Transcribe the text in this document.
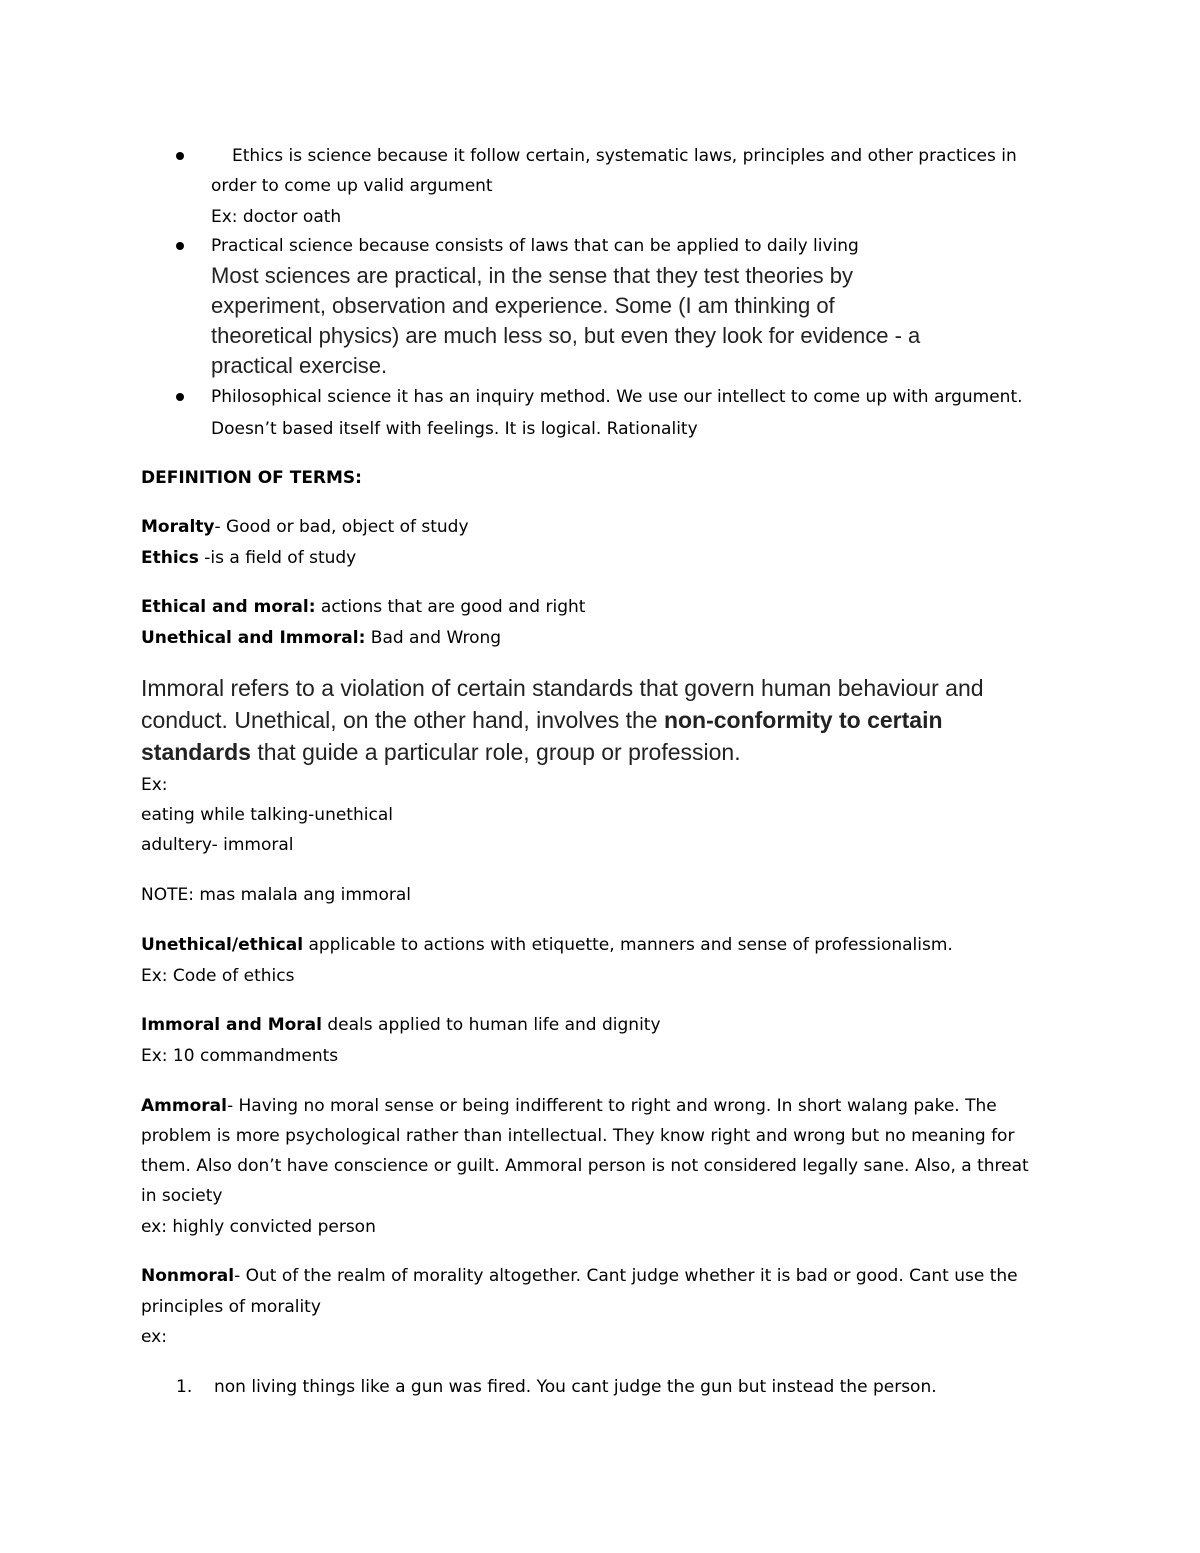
Ethics is science because it follow certain, systematic laws, principles and other practices in
order to come up valid argument
Ex: doctor oath
Practical science because consists of laws that can be applied to daily living
Most sciences are practical, in the sense that they test theories by
experiment, observation and experience. Some (I am thinking of
theoretical physics) are much less so, but even they look for evidence - a
practical exercise.
Philosophical science it has an inquiry method. We use our intellect to come up with argument.
Doesn’t based itself with feelings. It is logical. Rationality
DEFINITION OF TERMS:
Moralty- Good or bad, object of study
Ethics -is a field of study
Ethical and moral: actions that are good and right
Unethical and Immoral: Bad and Wrong
Immoral refers to a violation of certain standards that govern human behaviour and
conduct. Unethical, on the other hand, involves the non-conformity to certain
standards that guide a particular role, group or profession.
Ex:
eating while talking-unethical
adultery- immoral
NOTE: mas malala ang immoral
Unethical/ethical applicable to actions with etiquette, manners and sense of professionalism.
Ex: Code of ethics
Immoral and Moral deals applied to human life and dignity
Ex: 10 commandments
Ammoral- Having no moral sense or being indifferent to right and wrong. In short walang pake. The
problem is more psychological rather than intellectual. They know right and wrong but no meaning for
them. Also don’t have conscience or guilt. Ammoral person is not considered legally sane. Also, a threat
in society
ex: highly convicted person
Nonmoral- Out of the realm of morality altogether. Cant judge whether it is bad or good. Cant use the
principles of morality
ex:
1. non living things like a gun was fired. You cant judge the gun but instead the person.
